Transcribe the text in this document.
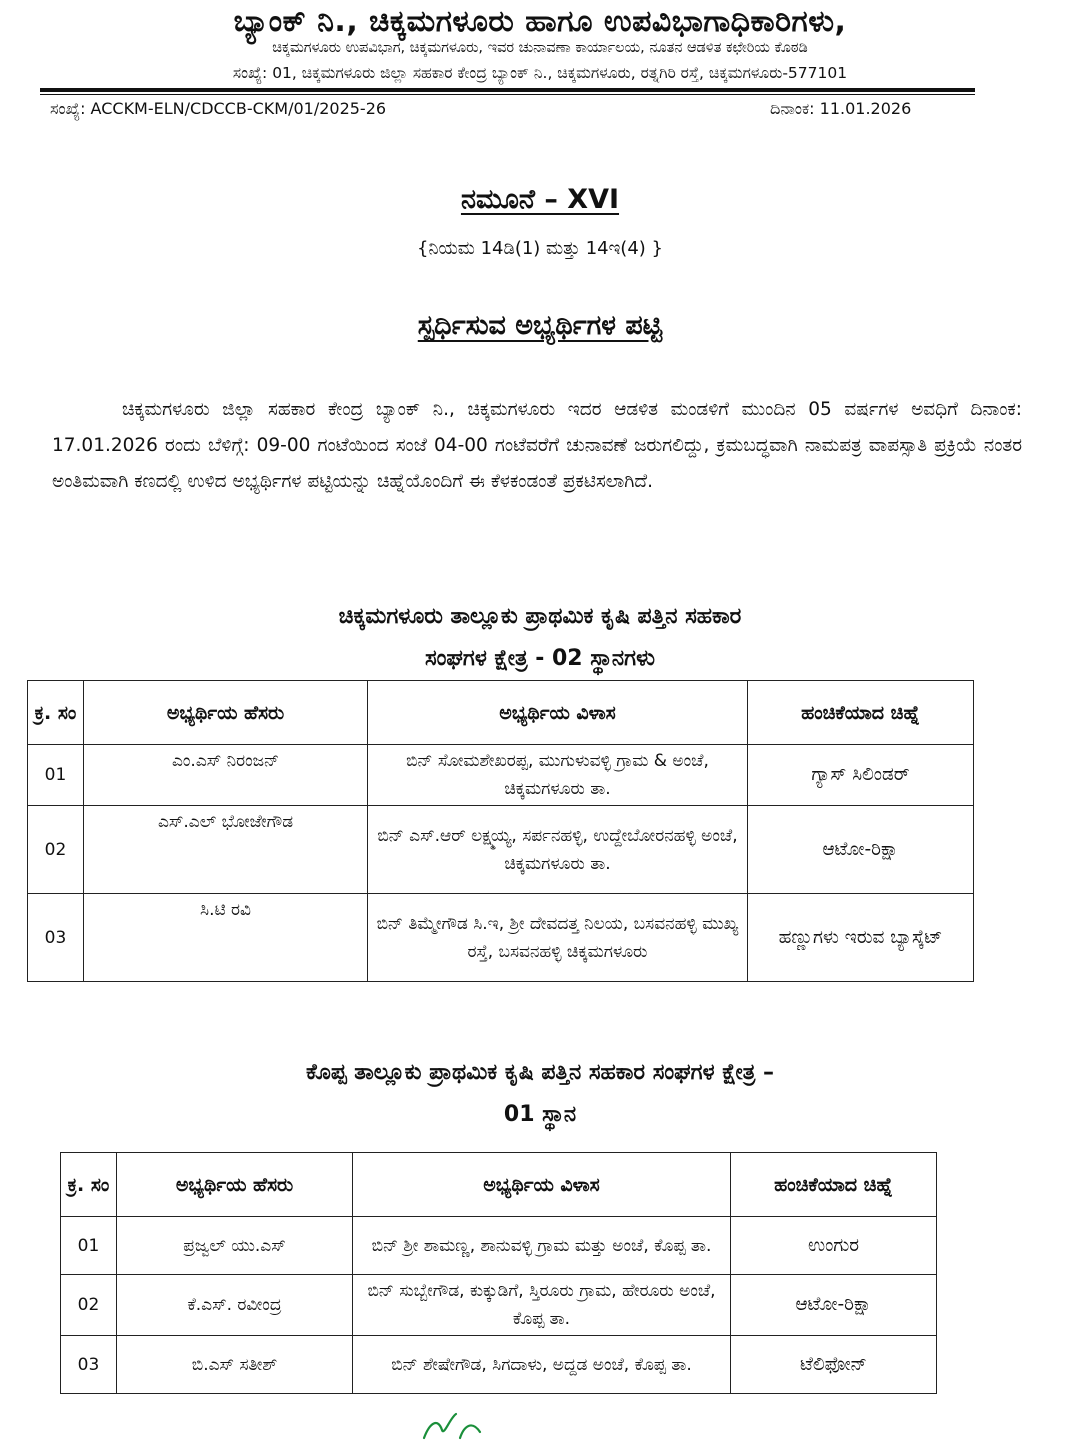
ಬ್ಯಾಂಕ್ ನಿ., ಚಿಕ್ಕಮಗಳೂರು ಹಾಗೂ ಉಪವಿಭಾಗಾಧಿಕಾರಿಗಳು,
ಚಿಕ್ಕಮಗಳೂರು ಉಪವಿಭಾಗ, ಚಿಕ್ಕಮಗಳೂರು, ಇವರ ಚುನಾವಣಾ ಕಾರ್ಯಾಲಯ, ನೂತನ ಆಡಳಿತ ಕಛೇರಿಯ ಕೊಠಡಿ
ಸಂಖ್ಯೆ: 01, ಚಿಕ್ಕಮಗಳೂರು ಜಿಲ್ಲಾ ಸಹಕಾರ ಕೇಂದ್ರ ಬ್ಯಾಂಕ್ ನಿ., ಚಿಕ್ಕಮಗಳೂರು, ರತ್ನಗಿರಿ ರಸ್ತೆ, ಚಿಕ್ಕಮಗಳೂರು-577101
ಸಂಖ್ಯೆ: ACCKM-ELN/CDCCB-CKM/01/2025-26	ದಿನಾಂಕ: 11.01.2026
ನಮೂನೆ – XVI
{ನಿಯಮ 14ಡಿ(1) ಮತ್ತು 14ಇ(4) }
ಸ್ಪರ್ಧಿಸುವ ಅಭ್ಯರ್ಥಿಗಳ ಪಟ್ಟಿ
ಚಿಕ್ಕಮಗಳೂರು ಜಿಲ್ಲಾ ಸಹಕಾರ ಕೇಂದ್ರ ಬ್ಯಾಂಕ್ ನಿ., ಚಿಕ್ಕಮಗಳೂರು ಇದರ ಆಡಳಿತ ಮಂಡಳಿಗೆ ಮುಂದಿನ 05 ವರ್ಷಗಳ ಅವಧಿಗೆ ದಿನಾಂಕ: 17.01.2026 ರಂದು ಬೆಳಿಗ್ಗೆ: 09-00 ಗಂಟೆಯಿಂದ ಸಂಜೆ 04-00 ಗಂಟೆವರೆಗೆ ಚುನಾವಣೆ ಜರುಗಲಿದ್ದು, ಕ್ರಮಬದ್ಧವಾಗಿ ನಾಮಪತ್ರ ವಾಪಸ್ಸಾತಿ ಪ್ರಕ್ರಿಯೆ ನಂತರ ಅಂತಿಮವಾಗಿ ಕಣದಲ್ಲಿ ಉಳಿದ ಅಭ್ಯರ್ಥಿಗಳ ಪಟ್ಟಿಯನ್ನು ಚಿಹ್ನೆಯೊಂದಿಗೆ ಈ ಕೆಳಕಂಡಂತೆ ಪ್ರಕಟಿಸಲಾಗಿದೆ.
ಚಿಕ್ಕಮಗಳೂರು ತಾಲ್ಲೂಕು ಪ್ರಾಥಮಿಕ ಕೃಷಿ ಪತ್ತಿನ ಸಹಕಾರ
ಸಂಘಗಳ ಕ್ಷೇತ್ರ - 02 ಸ್ಥಾನಗಳು
ಕ್ರ. ಸಂ	ಅಭ್ಯರ್ಥಿಯ ಹೆಸರು	ಅಭ್ಯರ್ಥಿಯ ವಿಳಾಸ	ಹಂಚಿಕೆಯಾದ ಚಿಹ್ನೆ
01	ಎಂ.ಎಸ್ ನಿರಂಜನ್	ಬಿನ್ ಸೋಮಶೇಖರಪ್ಪ, ಮುಗುಳುವಳ್ಳಿ ಗ್ರಾಮ & ಅಂಚೆ, ಚಿಕ್ಕಮಗಳೂರು ತಾ.	ಗ್ಯಾಸ್ ಸಿಲಿಂಡರ್
02	ಎಸ್.ಎಲ್ ಭೋಜೇಗೌಡ	ಬಿನ್ ಎಸ್.ಆರ್ ಲಕ್ಷ್ಮಯ್ಯ, ಸರ್ಪನಹಳ್ಳಿ, ಉದ್ದೇಬೋರನಹಳ್ಳಿ ಅಂಚೆ, ಚಿಕ್ಕಮಗಳೂರು ತಾ.	ಆಟೋ-ರಿಕ್ಷಾ
03	ಸಿ.ಟಿ ರವಿ	ಬಿನ್ ತಿಮ್ಮೇಗೌಡ ಸಿ.ಇ, ಶ್ರೀ ದೇವದತ್ತ ನಿಲಯ, ಬಸವನಹಳ್ಳಿ ಮುಖ್ಯ ರಸ್ತೆ, ಬಸವನಹಳ್ಳಿ ಚಿಕ್ಕಮಗಳೂರು	ಹಣ್ಣುಗಳು ಇರುವ ಬ್ಯಾಸ್ಕೆಟ್
ಕೊಪ್ಪ ತಾಲ್ಲೂಕು ಪ್ರಾಥಮಿಕ ಕೃಷಿ ಪತ್ತಿನ ಸಹಕಾರ ಸಂಘಗಳ ಕ್ಷೇತ್ರ –
01 ಸ್ಥಾನ
ಕ್ರ. ಸಂ	ಅಭ್ಯರ್ಥಿಯ ಹೆಸರು	ಅಭ್ಯರ್ಥಿಯ ವಿಳಾಸ	ಹಂಚಿಕೆಯಾದ ಚಿಹ್ನೆ
01	ಪ್ರಜ್ವಲ್ ಯು.ಎಸ್	ಬಿನ್ ಶ್ರೀ ಶಾಮಣ್ಣ, ಶಾನುವಳ್ಳಿ ಗ್ರಾಮ ಮತ್ತು ಅಂಚೆ, ಕೊಪ್ಪ ತಾ.	ಉಂಗುರ
02	ಕೆ.ಎಸ್. ರವೀಂದ್ರ	ಬಿನ್ ಸುಬ್ಬೇಗೌಡ, ಕುಕ್ಕುಡಿಗೆ, ಸ್ತಿರೂರು ಗ್ರಾಮ, ಹೇರೂರು ಅಂಚೆ, ಕೊಪ್ಪ ತಾ.	ಆಟೋ-ರಿಕ್ಷಾ
03	ಬಿ.ಎಸ್ ಸತೀಶ್	ಬಿನ್ ಶೇಷೇಗೌಡ, ಸಿಗದಾಳು, ಅದ್ದಡ ಅಂಚೆ, ಕೊಪ್ಪ ತಾ.	ಟೆಲಿಫೋನ್
